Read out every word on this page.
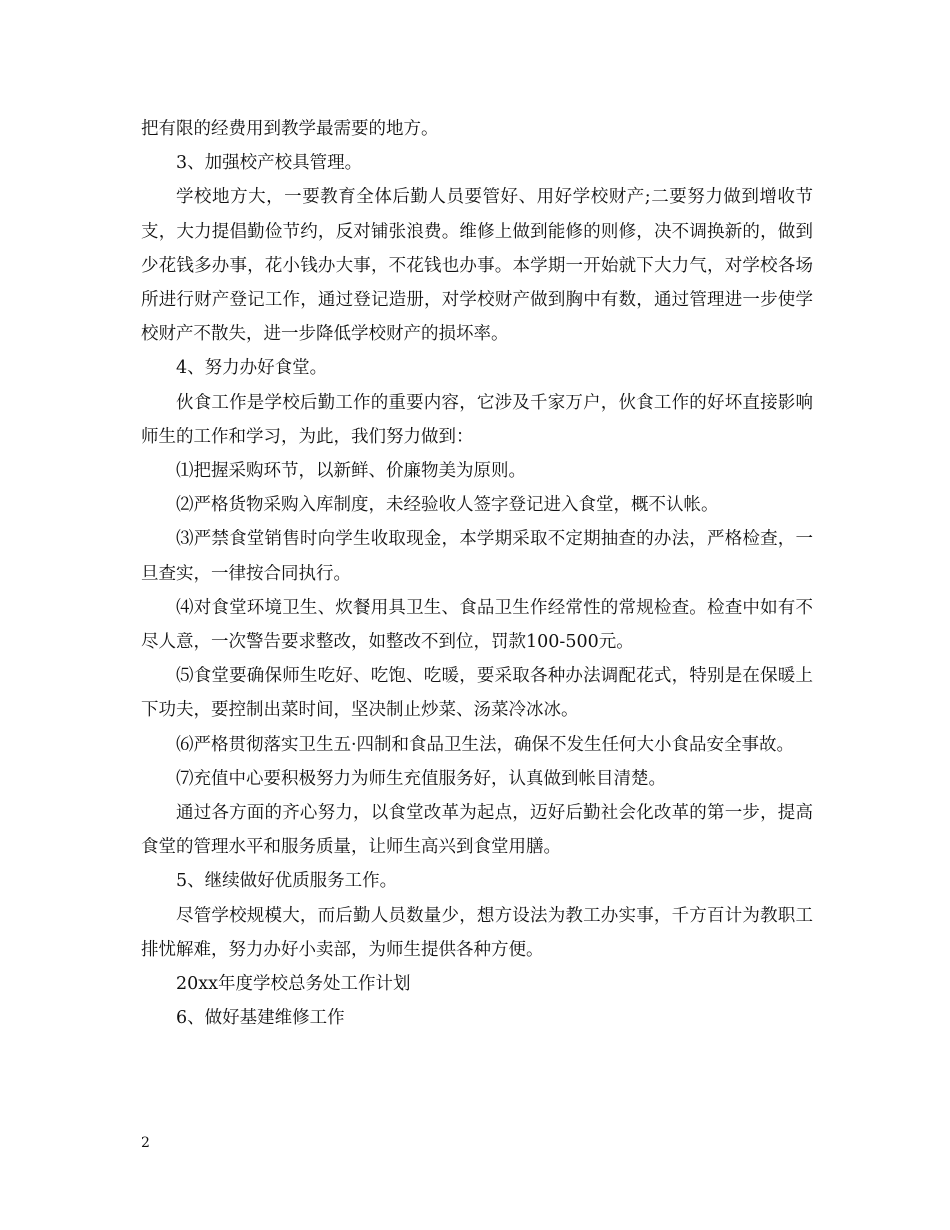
把有限的经费用到教学最需要的地方。

3、加强校产校具管理。

学校地方大，一要教育全体后勤人员要管好、用好学校财产;二要努力做到增收节支，大力提倡勤俭节约，反对铺张浪费。维修上做到能修的则修，决不调换新的，做到少花钱多办事，花小钱办大事，不花钱也办事。本学期一开始就下大力气，对学校各场所进行财产登记工作，通过登记造册，对学校财产做到胸中有数，通过管理进一步使学校财产不散失，进一步降低学校财产的损坏率。

4、努力办好食堂。

伙食工作是学校后勤工作的重要内容，它涉及千家万户，伙食工作的好坏直接影响师生的工作和学习，为此，我们努力做到：

⑴把握采购环节，以新鲜、价廉物美为原则。

⑵严格货物采购入库制度，未经验收人签字登记进入食堂，概不认帐。

⑶严禁食堂销售时向学生收取现金，本学期采取不定期抽查的办法，严格检查，一旦查实，一律按合同执行。

⑷对食堂环境卫生、炊餐用具卫生、食品卫生作经常性的常规检查。检查中如有不尽人意，一次警告要求整改，如整改不到位，罚款100-500元。

⑸食堂要确保师生吃好、吃饱、吃暖，要采取各种办法调配花式，特别是在保暖上下功夫，要控制出菜时间，坚决制止炒菜、汤菜冷冰冰。

⑹严格贯彻落实卫生五·四制和食品卫生法，确保不发生任何大小食品安全事故。

⑺充值中心要积极努力为师生充值服务好，认真做到帐目清楚。

通过各方面的齐心努力，以食堂改革为起点，迈好后勤社会化改革的第一步，提高食堂的管理水平和服务质量，让师生高兴到食堂用膳。

5、继续做好优质服务工作。

尽管学校规模大，而后勤人员数量少，想方设法为教工办实事，千方百计为教职工排忧解难，努力办好小卖部，为师生提供各种方便。

20xx年度学校总务处工作计划

6、做好基建维修工作

2
